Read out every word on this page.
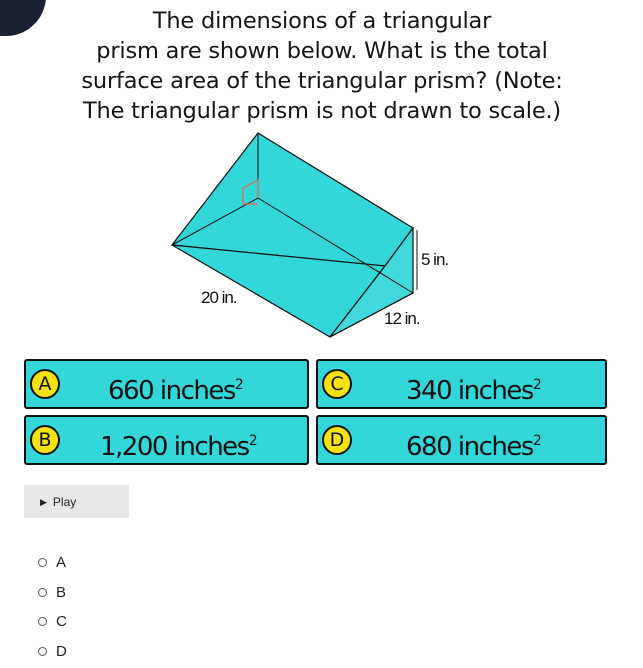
The dimensions of a triangular
prism are shown below. What is the total
surface area of the triangular prism? (Note:
The triangular prism is not drawn to scale.)
5 in.
20 in.
12 in.
A	660 inches$^2$	C	340 inches$^2$
B	1,200 inches$^2$	D 680 inches$^2$
▶ Play
A
B
C
D
